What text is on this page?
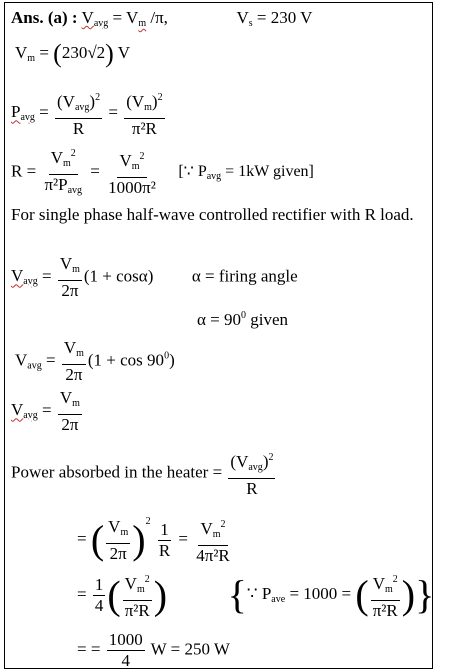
Ans. (a) : $V_{avg} = V_m$ /π,	$V_s = 230$ V
$V_m = (230√2)$ V
$P_{avg} = \frac{(V_{avg})^2}{R} = \frac{(V_m)^2}{\text{π²R}}$
$R = \frac{V_m^2}{\pi^2P_{avg}} = \frac{V_m^2}{\text{1000π²}}$ [∵ $P_{avg} = 1kW$ given]
For single phase half-wave controlled rectifier with R load.
$V_{avg} = \frac{V_m}{2\pi} (1 + \cos\alpha) \alpha$ = firing angle
$\alpha = 90^0$ given
$V_{avg} = \frac{V_m}{2\pi} (1 + \cos 90^0)$
$V_{avg} = \frac{V_m}{2\pi}$
Power absorbed in the heater = $\frac{(V_{avg})^2}{R}$
= ( $\frac{V_m}{2\pi} )^2 \frac{1}{R} = \frac{V_m^2}{\text{4π²R}}$
= $\frac{1}{4}$ ( $\frac{V_m^2}{\text{π²R}}$ ) {∵ $P_{ave} = 1000$ = ( $\frac{V_m^2}{\text{π²R}}$ )}
= = $\frac{1000}{4}$ W = 250 W
